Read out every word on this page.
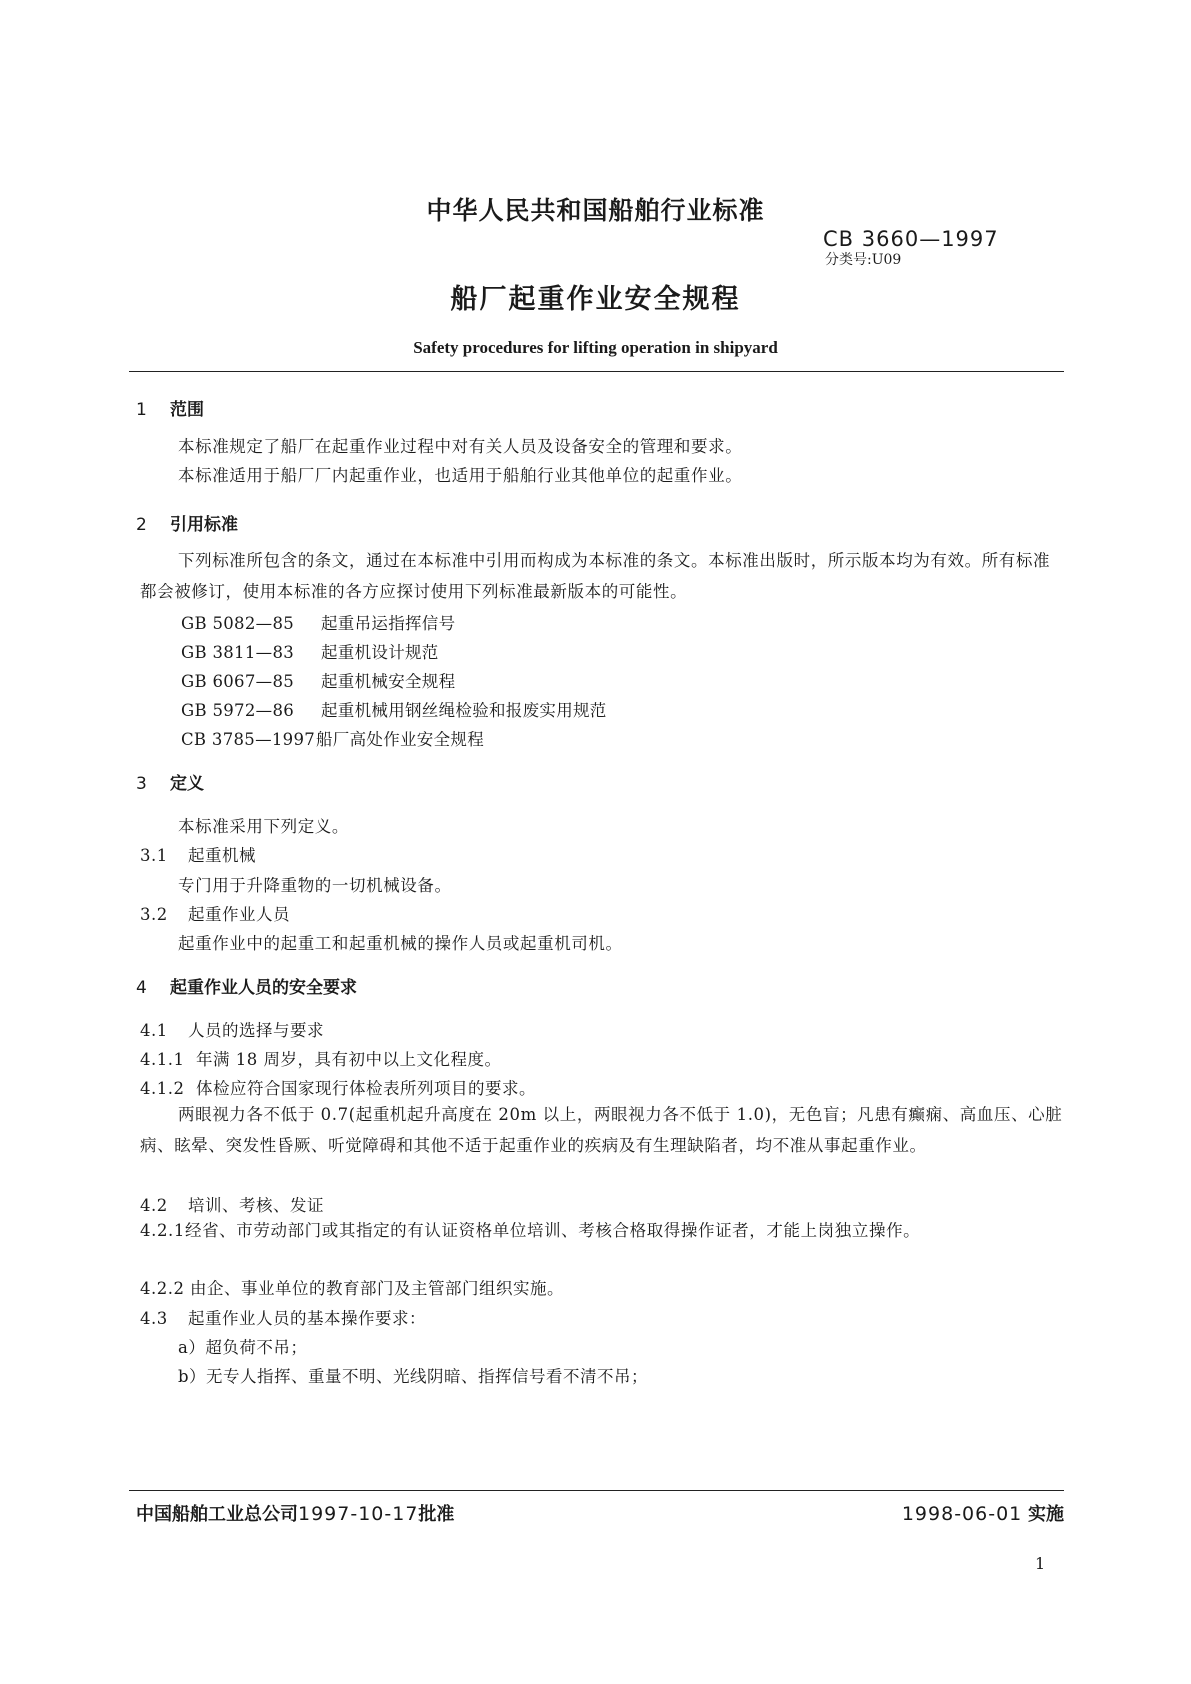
中华人民共和国船舶行业标准
CB 3660—1997
分类号:U09
船厂起重作业安全规程
Safety procedures for lifting operation in shipyard
1 范围
本标准规定了船厂在起重作业过程中对有关人员及设备安全的管理和要求。
本标准适用于船厂厂内起重作业，也适用于船舶行业其他单位的起重作业。
2 引用标准
下列标准所包含的条文，通过在本标准中引用而构成为本标准的条文。本标准出版时，所示版本均为有效。所有标准都会被修订，使用本标准的各方应探讨使用下列标准最新版本的可能性。
GB 5082—85 起重吊运指挥信号
GB 3811—83 起重机设计规范
GB 6067—85 起重机械安全规程
GB 5972—86 起重机械用钢丝绳检验和报废实用规范
CB 3785—1997船厂高处作业安全规程
3 定义
本标准采用下列定义。
3.1 起重机械
专门用于升降重物的一切机械设备。
3.2 起重作业人员
起重作业中的起重工和起重机械的操作人员或起重机司机。
4 起重作业人员的安全要求
4.1 人员的选择与要求
4.1.1 年满 18 周岁，具有初中以上文化程度。
4.1.2 体检应符合国家现行体检表所列项目的要求。
两眼视力各不低于 0.7(起重机起升高度在 20m 以上，两眼视力各不低于 1.0)，无色盲；凡患有癫痫、高血压、心脏病、眩晕、突发性昏厥、听觉障碍和其他不适于起重作业的疾病及有生理缺陷者，均不准从事起重作业。
4.2 培训、考核、发证
4.2.1经省、市劳动部门或其指定的有认证资格单位培训、考核合格取得操作证者，才能上岗独立操作。
4.2.2 由企、事业单位的教育部门及主管部门组织实施。
4.3 起重作业人员的基本操作要求：
a）超负荷不吊；
b）无专人指挥、重量不明、光线阴暗、指挥信号看不清不吊；
中国船舶工业总公司1997-10-17批准	1998-06-01 实施
1
